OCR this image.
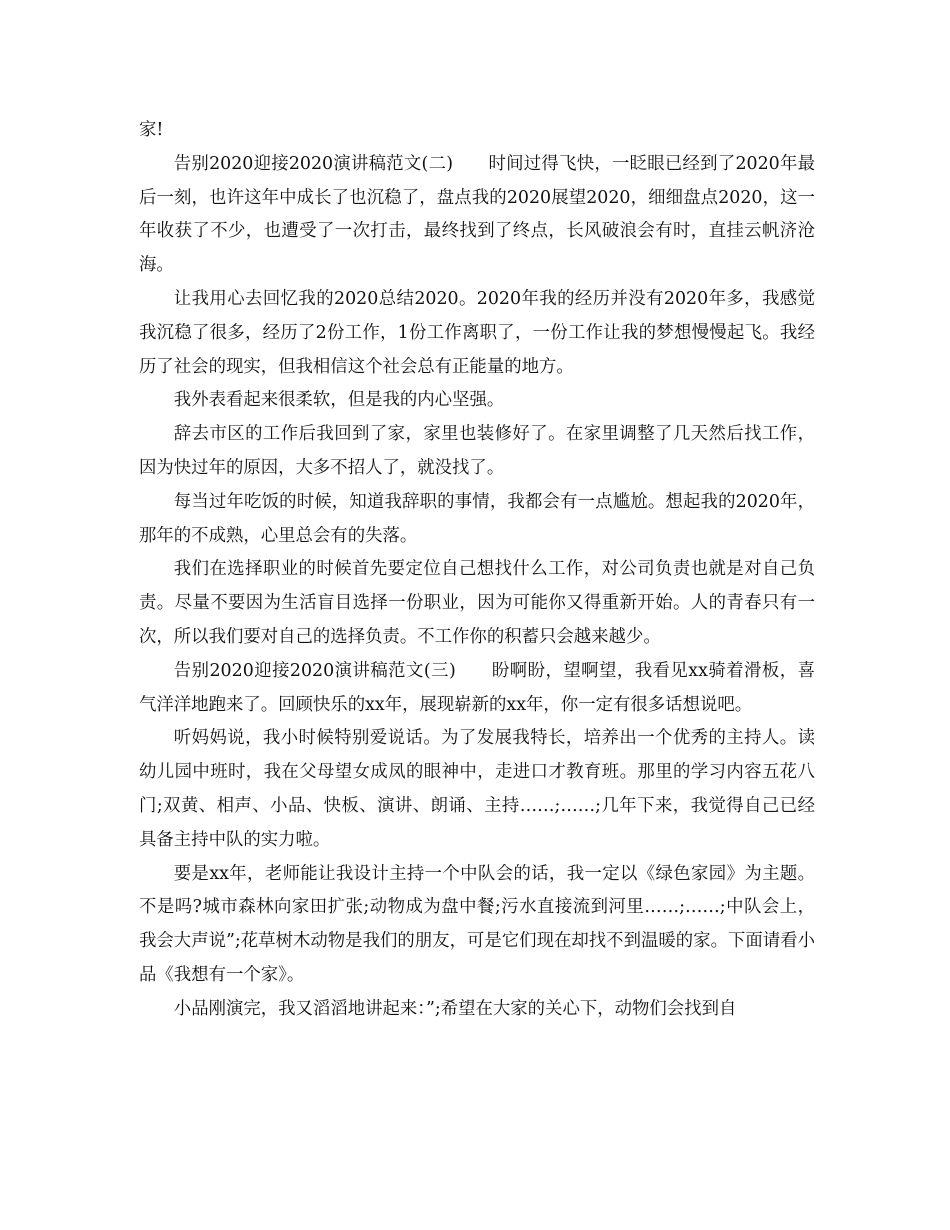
家!

告别2020迎接2020演讲稿范文(二)　　时间过得飞快，一眨眼已经到了2020年最后一刻，也许这年中成长了也沉稳了，盘点我的2020展望2020，细细盘点2020，这一年收获了不少，也遭受了一次打击，最终找到了终点，长风破浪会有时，直挂云帆济沧海。

让我用心去回忆我的2020总结2020。2020年我的经历并没有2020年多，我感觉我沉稳了很多，经历了2份工作，1份工作离职了，一份工作让我的梦想慢慢起飞。我经历了社会的现实，但我相信这个社会总有正能量的地方。

我外表看起来很柔软，但是我的内心坚强。

辞去市区的工作后我回到了家，家里也装修好了。在家里调整了几天然后找工作，因为快过年的原因，大多不招人了，就没找了。

每当过年吃饭的时候，知道我辞职的事情，我都会有一点尴尬。想起我的2020年，那年的不成熟，心里总会有的失落。

我们在选择职业的时候首先要定位自己想找什么工作，对公司负责也就是对自己负责。尽量不要因为生活盲目选择一份职业，因为可能你又得重新开始。人的青春只有一次，所以我们要对自己的选择负责。不工作你的积蓄只会越来越少。

告别2020迎接2020演讲稿范文(三)　　盼啊盼，望啊望，我看见xx骑着滑板，喜气洋洋地跑来了。回顾快乐的xx年，展现崭新的xx年，你一定有很多话想说吧。

听妈妈说，我小时候特别爱说话。为了发展我特长，培养出一个优秀的主持人。读幼儿园中班时，我在父母望女成凤的眼神中，走进口才教育班。那里的学习内容五花八门;双黄、相声、小品、快板、演讲、朗诵、主持……;……;几年下来，我觉得自己已经具备主持中队的实力啦。

要是xx年，老师能让我设计主持一个中队会的话，我一定以《绿色家园》为主题。不是吗?城市森林向家田扩张;动物成为盘中餐;污水直接流到河里……;……;中队会上，我会大声说”;花草树木动物是我们的朋友，可是它们现在却找不到温暖的家。下面请看小品《我想有一个家》。

小品刚演完，我又滔滔地讲起来：”;希望在大家的关心下，动物们会找到自
